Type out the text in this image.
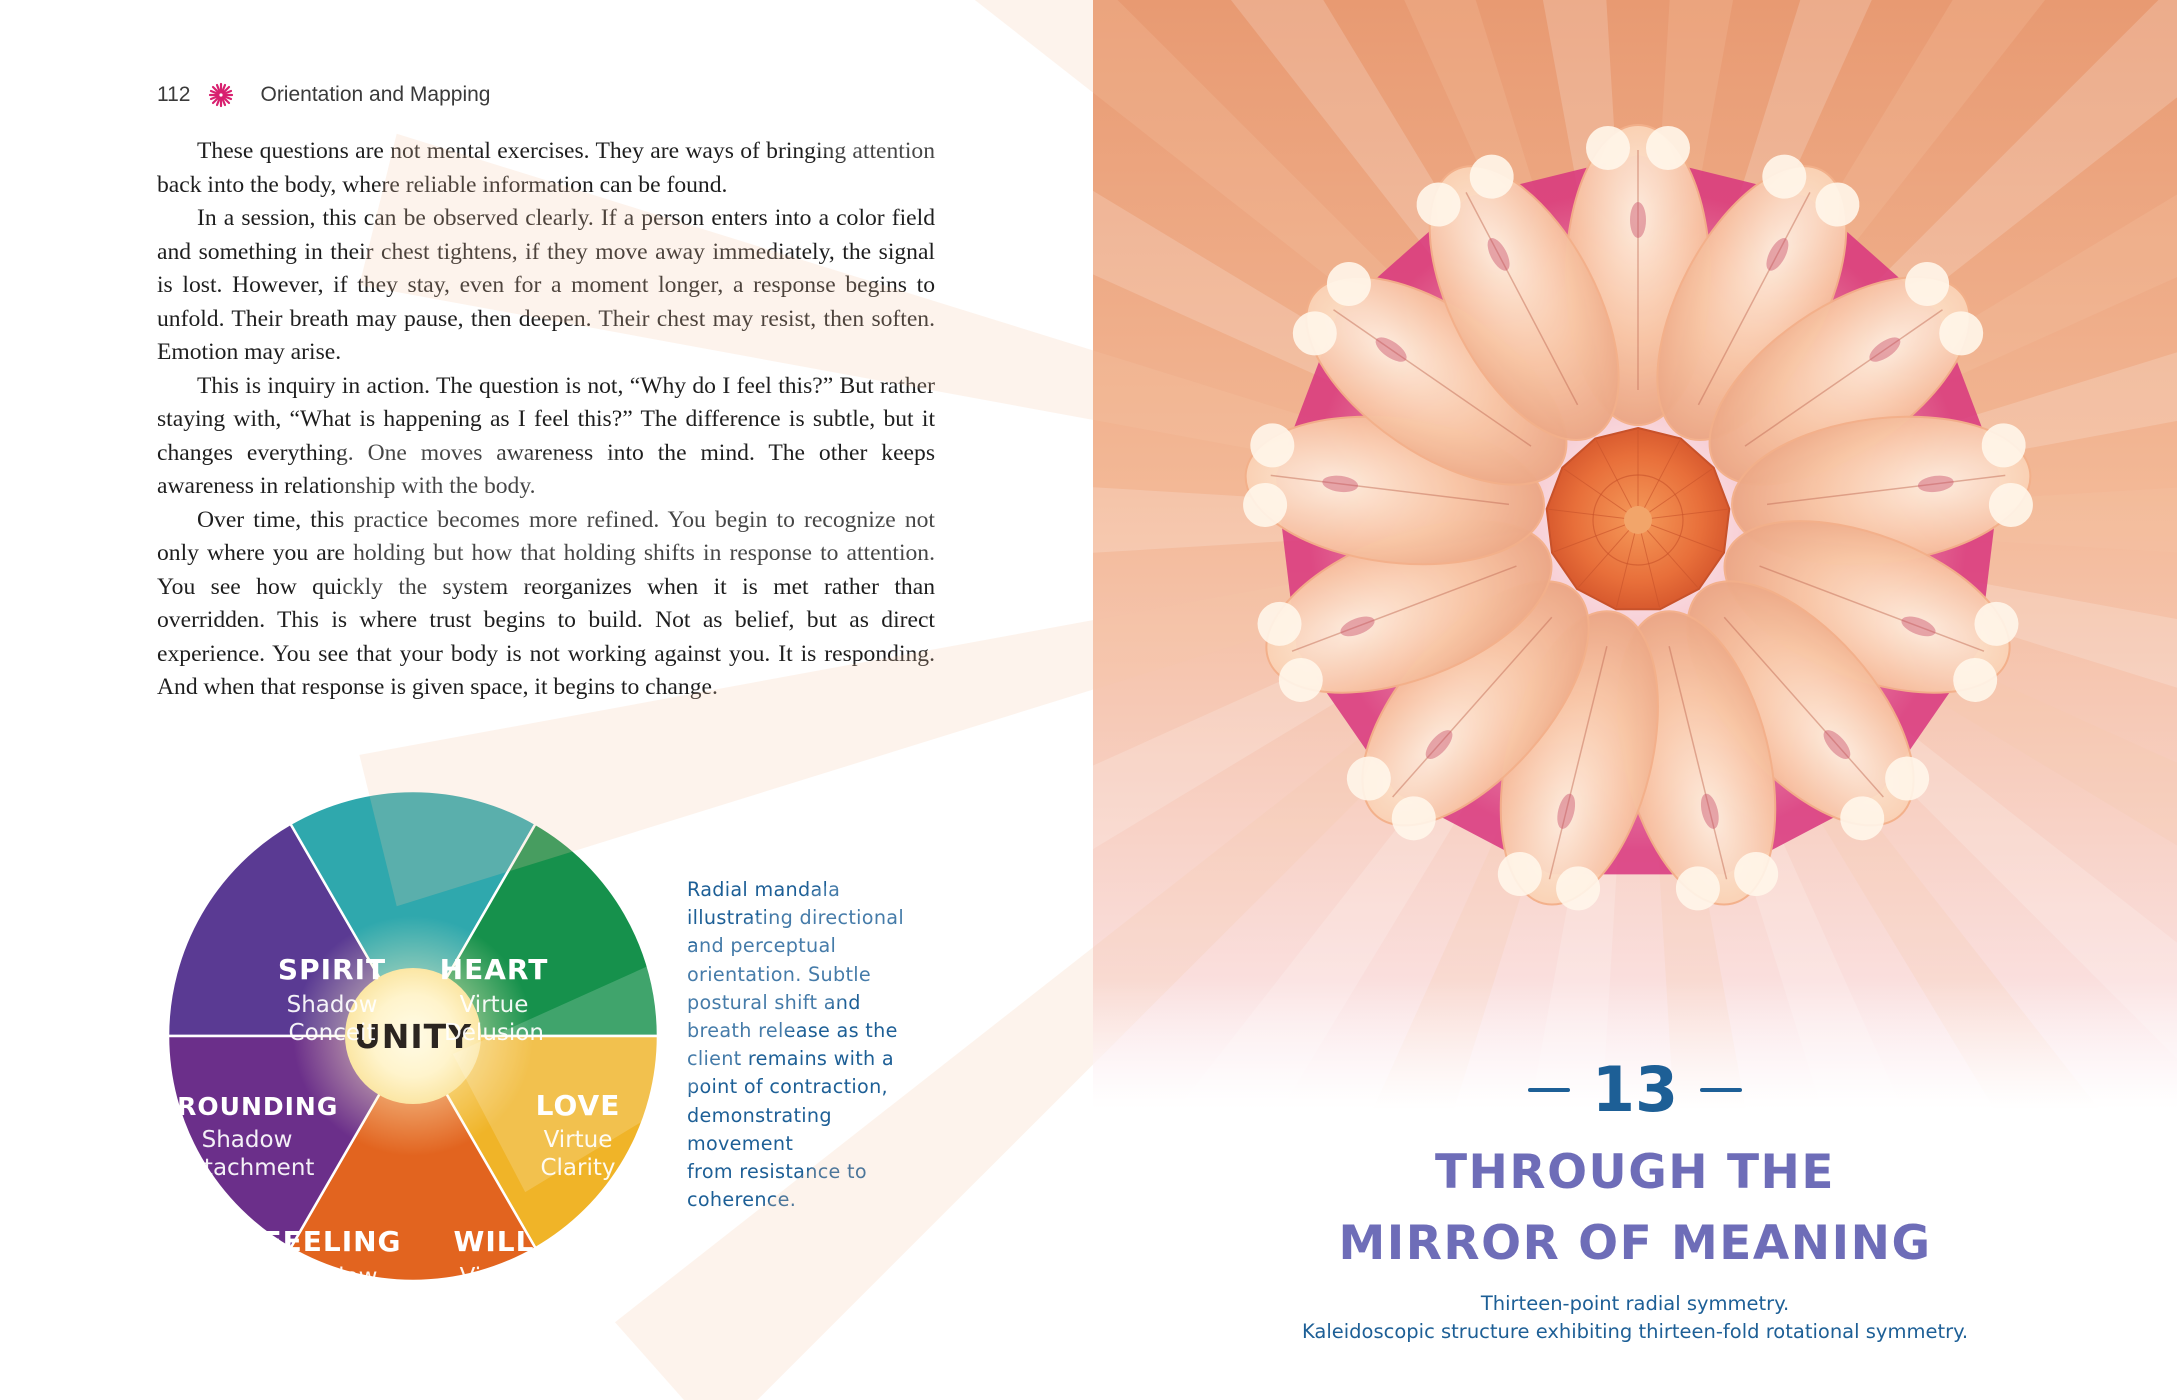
112	Orientation and Mapping

These questions are not mental exercises. They are ways of bringing attention back into the body, where reliable information can be found.

In a session, this can be observed clearly. If a person enters into a color field and something in their chest tightens, if they move away immediately, the signal is lost. However, if they stay, even for a moment longer, a response begins to unfold. Their breath may pause, then deepen. Their chest may resist, then soften. Emotion may arise.

This is inquiry in action. The question is not, “Why do I feel this?” But rather staying with, “What is happening as I feel this?” The difference is subtle, but it changes everything. One moves awareness into the mind. The other keeps awareness in relationship with the body.

Over time, this practice becomes more refined. You begin to recognize not only where you are holding but how that holding shifts in response to attention. You see how quickly the system reorganizes when it is met rather than overridden. This is where trust begins to build. Not as belief, but as direct experience. You see that your body is not working against you. It is responding. And when that response is given space, it begins to change.

UNITY
SPIRIT
Shadow
Conceit
HEART
Virtue
Delusion
LOVE
Virtue
Clarity
WILL
Virtue
Clarity
FEELING
Shadow
Flow
GROUNDING
Shadow
Attachment
Radial mandala
illustrating directional
and perceptual
orientation. Subtle
postural shift and
breath release as the
client remains with a
point of contraction,
demonstrating movement
from resistance to
coherence.
13
THROUGH THE
MIRROR OF MEANING
Thirteen-point radial symmetry.
Kaleidoscopic structure exhibiting thirteen-fold rotational symmetry.
